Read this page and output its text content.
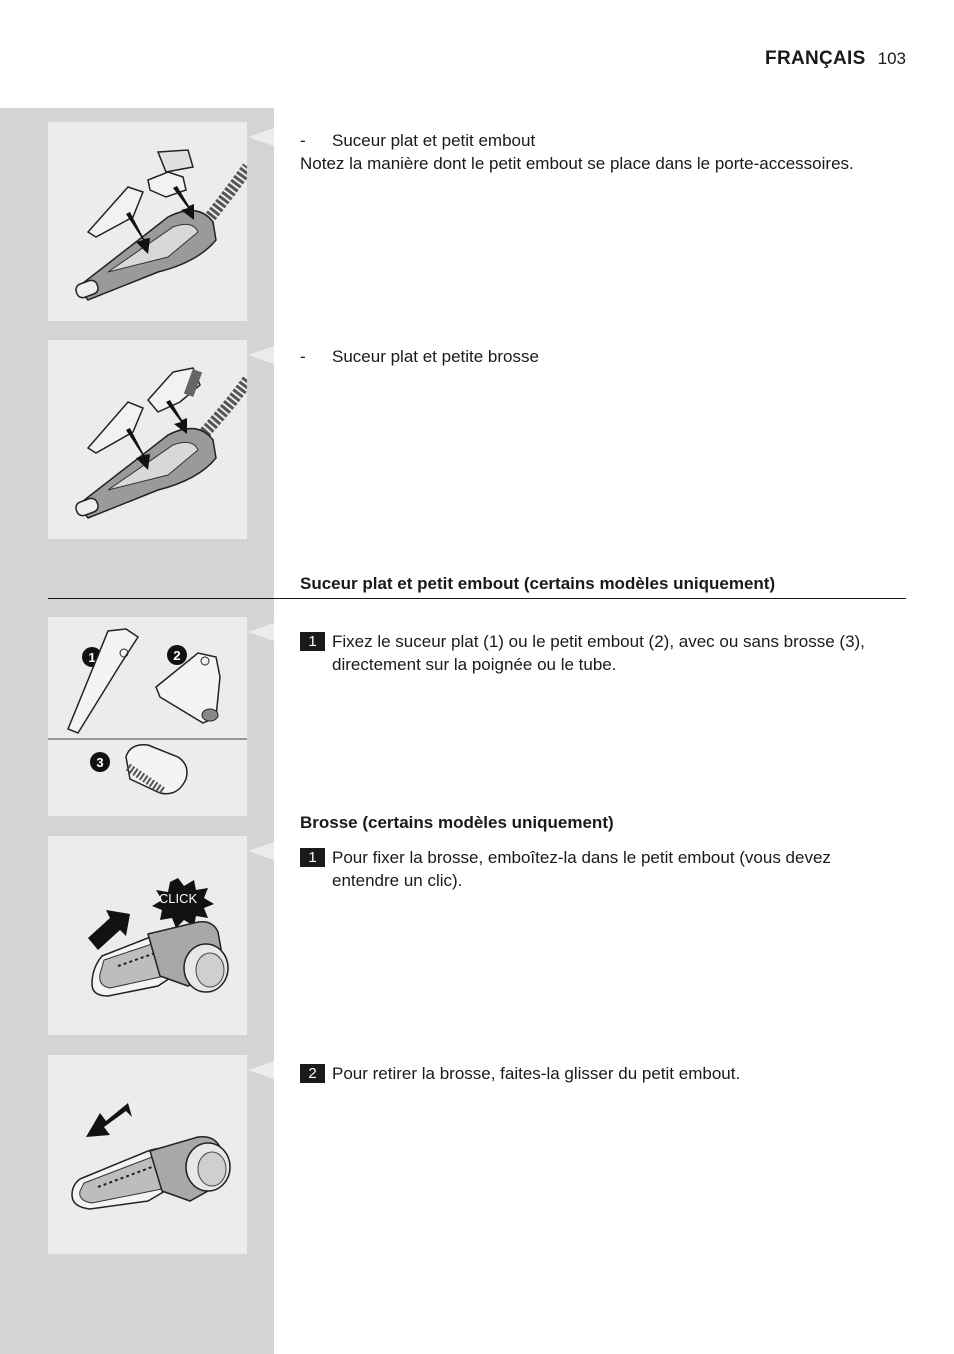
FRANÇAIS 103
- Suceur plat et petit embout
Notez la manière dont le petit embout se place dans le porte-accessoires.
- Suceur plat et petite brosse
Suceur plat et petit embout (certains modèles uniquement)
1	2
3
1 Fixez le suceur plat (1) ou le petit embout (2), avec ou sans brosse (3), directement sur la poignée ou le tube.
Brosse (certains modèles uniquement)
CLICK
1 Pour fixer la brosse, emboîtez-la dans le petit embout (vous devez entendre un clic).
2 Pour retirer la brosse, faites-la glisser du petit embout.
